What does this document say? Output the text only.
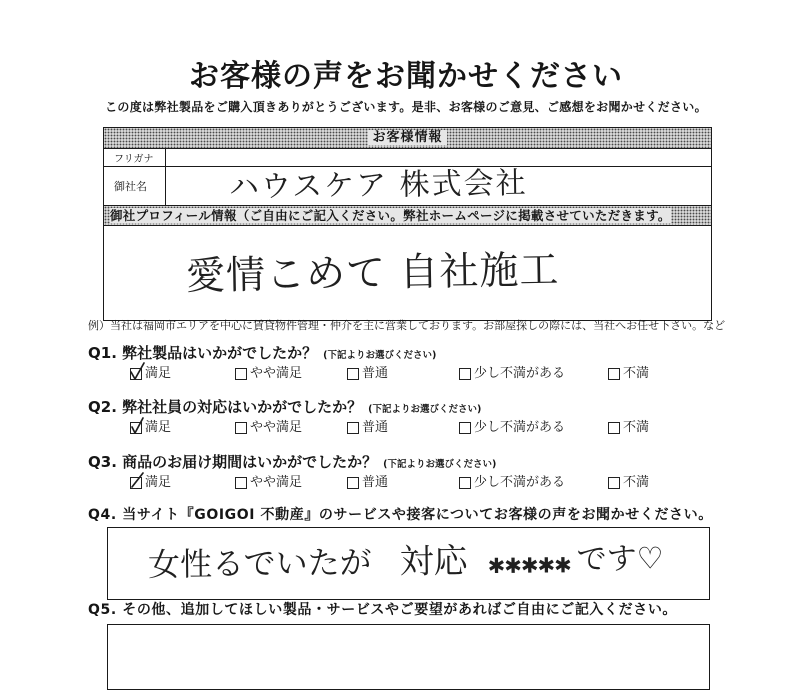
お客様の声をお聞かせください
この度は弊社製品をご購入頂きありがとうございます。是非、お客様のご意見、ご感想をお聞かせください。
お客様情報
フリガナ
御社名	ハウスケア 株式会社
御社プロフィール情報（ご自由にご記入ください。弊社ホームページに掲載させていただきます。
愛情こめて 自社施工
例）当社は福岡市エリアを中心に賃貸物件管理・仲介を主に営業しております。お部屋探しの際には、当社へお任せ下さい。など
Q1. 弊社製品はいかがでしたか？ (下記よりお選びください)
満足	やや満足	普通	少し不満がある	不満
Q2. 弊社社員の対応はいかがでしたか？ (下記よりお選びください)
満足	やや満足	普通	少し不満がある	不満
Q3. 商品のお届け期間はいかがでしたか？ (下記よりお選びください)
満足	やや満足	普通	少し不満がある	不満
Q4. 当サイト『GOIGOI 不動産』のサービスや接客についてお客様の声をお聞かせください。
女性るでいたが 対応 ✱✱✱✱✱ です♡
Q5. その他、追加してほしい製品・サービスやご要望があればご自由にご記入ください。
